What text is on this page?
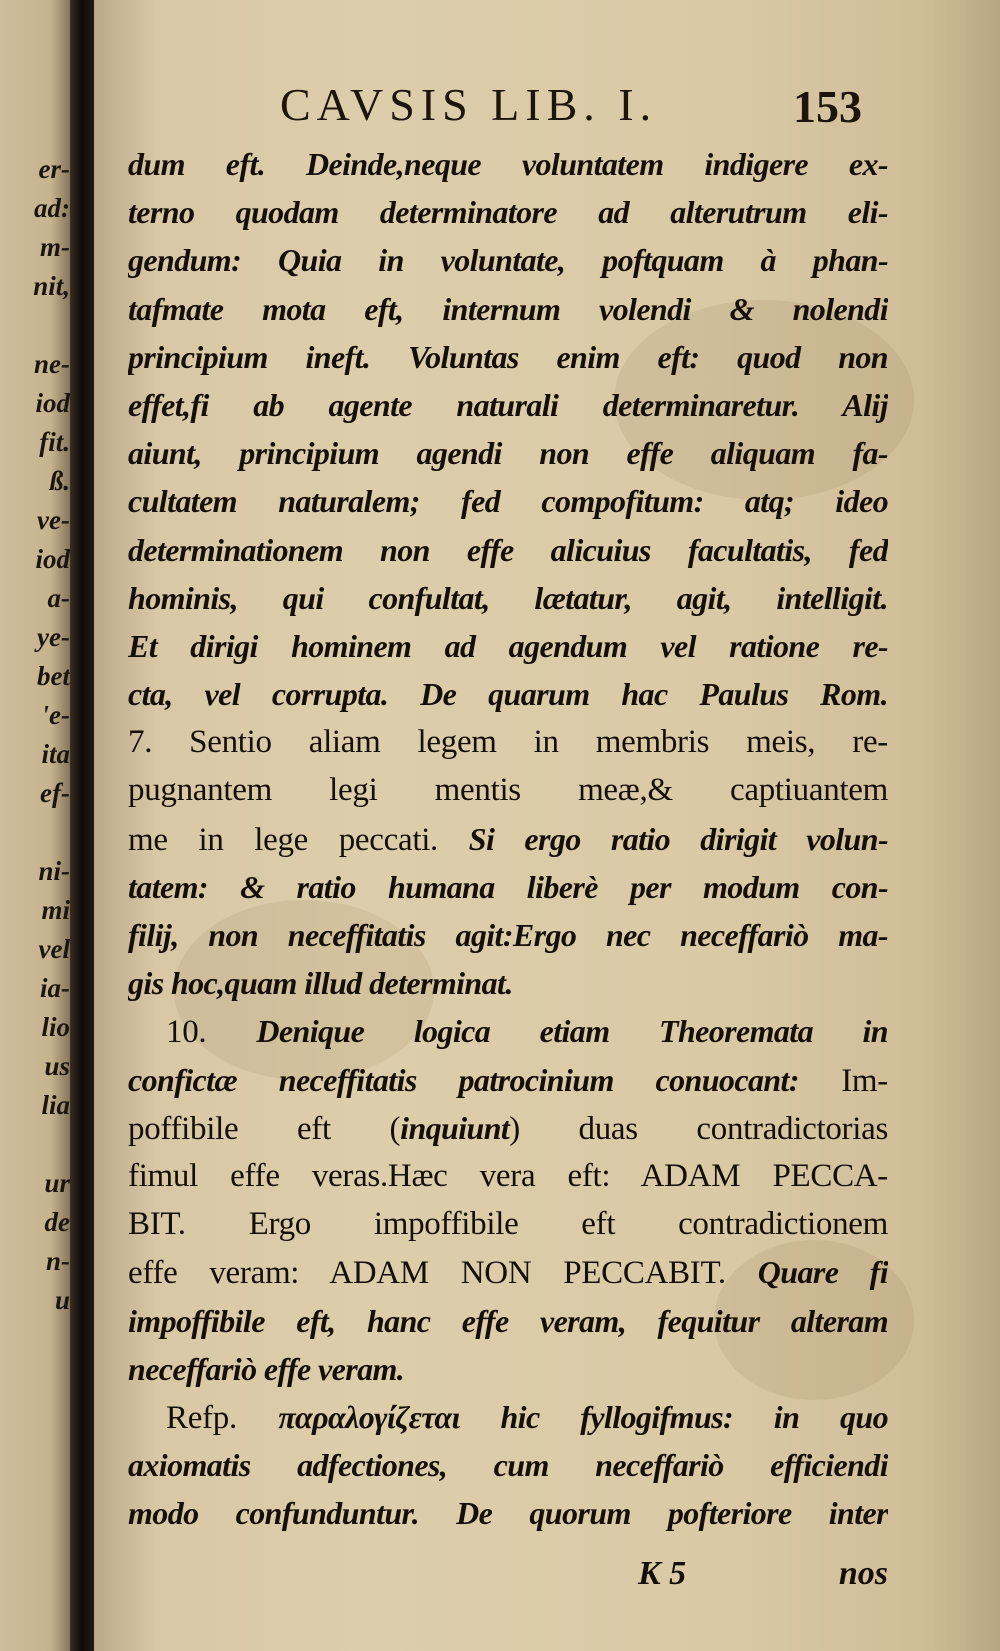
er-
ad:
m-
nit,
ne-
iod
fit.
ß.
ve-
iod
a-
ye-
bet
'e-
ita
ef-
ni-
mi
vel
ia-
lio
us
lia
ur
de
n-
u
CAVSIS LIB. I.	153
dum eft. Deinde,neque voluntatem indigere ex-
terno quodam determinatore ad alterutrum eli-
gendum: Quia in voluntate, poftquam à phan-
tafmate mota eft, internum volendi & nolendi
principium ineft. Voluntas enim eft: quod non
effet,fi ab agente naturali determinaretur. Alij
aiunt, principium agendi non effe aliquam fa-
cultatem naturalem; fed compofitum: atq; ideo
determinationem non effe alicuius facultatis, fed
hominis, qui confultat, lætatur, agit, intelligit.
Et dirigi hominem ad agendum vel ratione re-
cta, vel corrupta. De quarum hac Paulus Rom.
7. Sentio aliam legem in membris meis, re-
pugnantem legi mentis meæ,& captiuantem
me in lege peccati. Si ergo ratio dirigit volun-
tatem: & ratio humana liberè per modum con-
filij, non neceffitatis agit:Ergo nec neceffariò ma-
gis hoc,quam illud determinat.
10. Denique logica etiam Theoremata in
confictæ neceffitatis patrocinium conuocant: Im-
poffibile eft (inquiunt) duas contradictorias
fimul effe veras.Hæc vera eft: ADAM PECCA-
BIT. Ergo impoffibile eft contradictionem
effe veram: ADAM NON PECCABIT. Quare fi
impoffibile eft, hanc effe veram, fequitur alteram
neceffariò effe veram.
Refp. παραλογίζεται hic fyllogifmus: in quo
axiomatis adfectiones, cum neceffariò efficiendi
modo confunduntur. De quorum pofteriore inter
K 5	nos
